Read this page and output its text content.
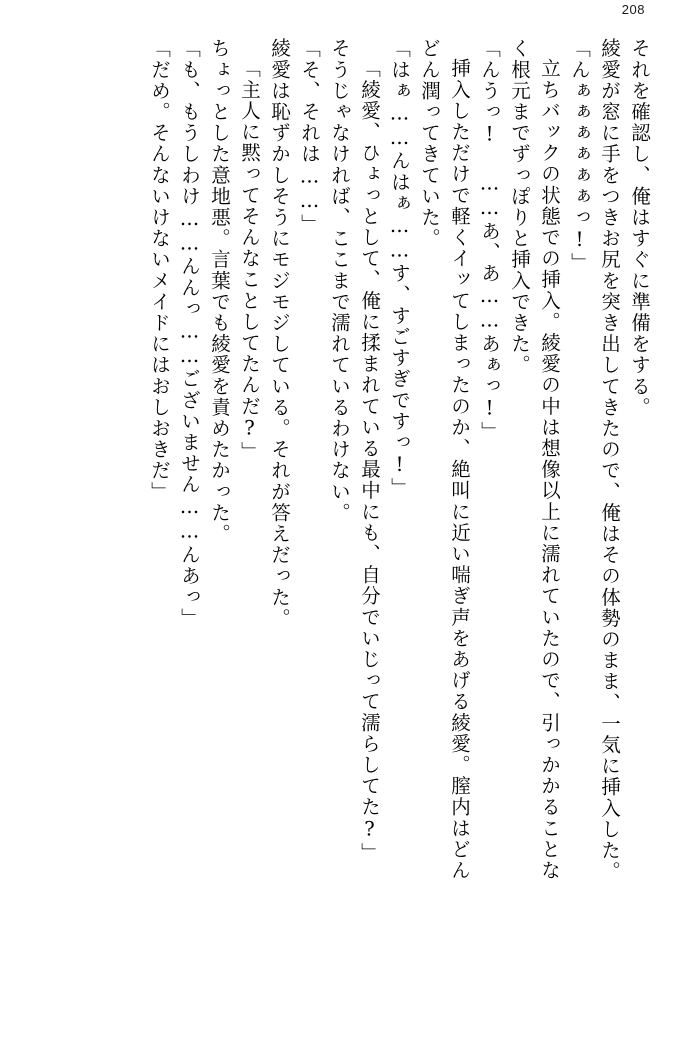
208
それを確認し、俺はすぐに準備をする。
綾愛が窓に手をつきお尻を突き出してきたので、俺はその体勢のまま、一気に挿入した。
「んぁぁぁぁぁぁっ!」
立ちバックの状態での挿入。綾愛の中は想像以上に濡れていたので、引っかかることな
く根元までずっぽりと挿入できた。
「んうっ! ……あ、あ……あぁっ!」
挿入しただけで軽くイッてしまったのか、絶叫に近い喘ぎ声をあげる綾愛。膣内はどん
どん潤ってきていた。
「はぁ……んはぁ……す、すごすぎですっ!」
「綾愛、ひょっとして、俺に揉まれている最中にも、自分でいじって濡らしてた?」
そうじゃなければ、ここまで濡れているわけない。
「そ、それは……」
綾愛は恥ずかしそうにモジモジしている。それが答えだった。
「主人に黙ってそんなことしてたんだ?」
ちょっとした意地悪。言葉でも綾愛を責めたかった。
「も、もうしわけ……んんっ……ございません……んあっ」
「だめ。そんないけないメイドにはおしおきだ」
